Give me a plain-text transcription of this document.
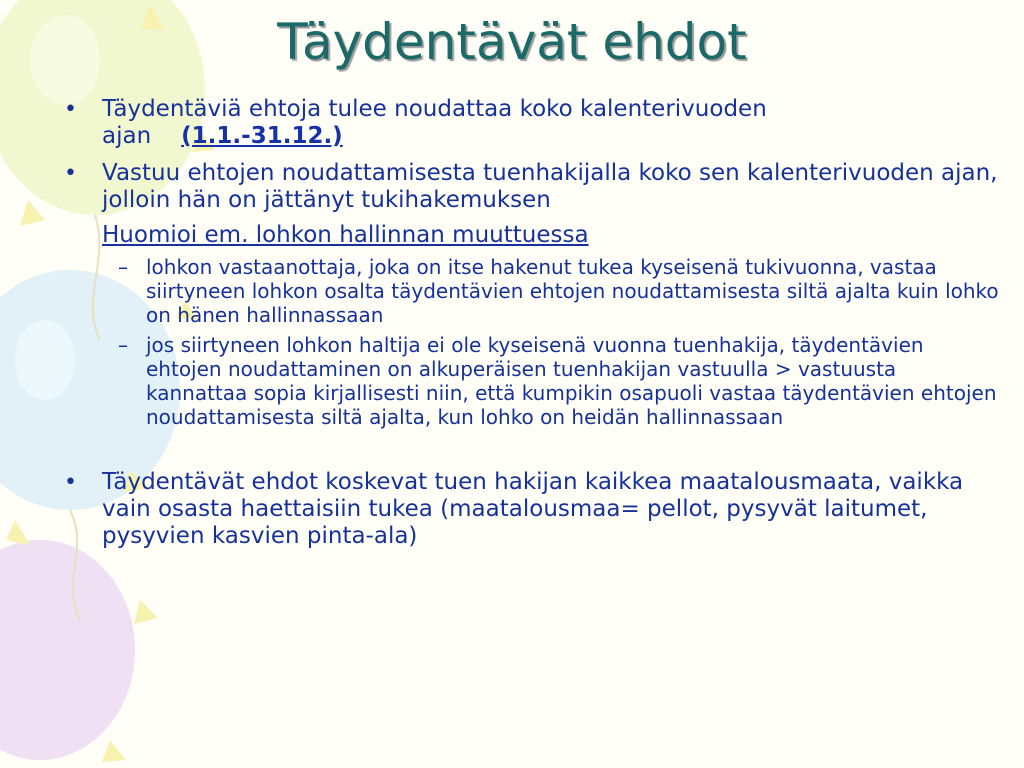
Täydentävät ehdot
• Täydentäviä ehtoja tulee noudattaa koko kalenterivuoden ajan (1.1.-31.12.)
• Vastuu ehtojen noudattamisesta tuenhakijalla koko sen kalenterivuoden ajan, jolloin hän on jättänyt tukihakemuksen
Huomioi em. lohkon hallinnan muuttuessa
– lohkon vastaanottaja, joka on itse hakenut tukea kyseisenä tukivuonna, vastaa siirtyneen lohkon osalta täydentävien ehtojen noudattamisesta siltä ajalta kuin lohko on hänen hallinnassaan
– jos siirtyneen lohkon haltija ei ole kyseisenä vuonna tuenhakija, täydentävien ehtojen noudattaminen on alkuperäisen tuenhakijan vastuulla > vastuusta kannattaa sopia kirjallisesti niin, että kumpikin osapuoli vastaa täydentävien ehtojen noudattamisesta siltä ajalta, kun lohko on heidän hallinnassaan
• Täydentävät ehdot koskevat tuen hakijan kaikkea maatalousmaata, vaikka vain osasta haettaisiin tukea (maatalousmaa= pellot, pysyvät laitumet, pysyvien kasvien pinta-ala)
